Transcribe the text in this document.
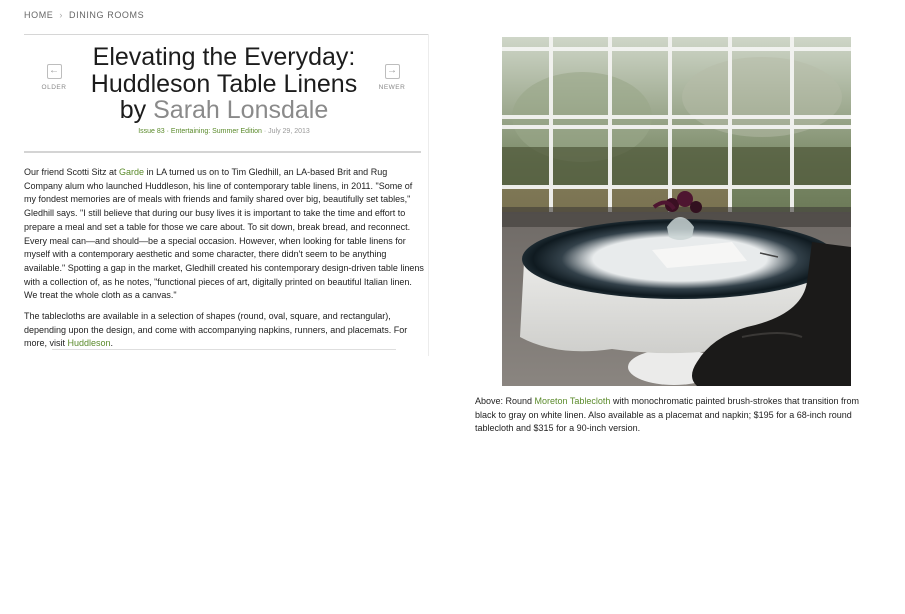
HOME › DINING ROOMS
←
OLDER
→
NEWER
Elevating the Everyday:
Huddleson Table Linens
by Sarah Lonsdale
Issue 83 · Entertaining: Summer Edition · July 29, 2013

Our friend Scotti Sitz at Garde in LA turned us on to Tim Gledhill, an LA-based Brit and Rug Company alum who launched Huddleson, his line of contemporary table linens, in 2011. "Some of my fondest memories are of meals with friends and family shared over big, beautifully set tables," Gledhill says. "I still believe that during our busy lives it is important to take the time and effort to prepare a meal and set a table for those we care about. To sit down, break bread, and reconnect. Every meal can—and should—be a special occasion. However, when looking for table linens for myself with a contemporary aesthetic and some character, there didn't seem to be anything available." Spotting a gap in the market, Gledhill created his contemporary design-driven table linens with a collection of, as he notes, "functional pieces of art, digitally printed on beautiful Italian linen. We treat the whole cloth as a canvas."

The tablecloths are available in a selection of shapes (round, oval, square, and rectangular), depending upon the design, and come with accompanying napkins, runners, and placemats. For more, visit Huddleson.

Above: Round Moreton Tablecloth with monochromatic painted brush-strokes that transition from black to gray on white linen. Also available as a placemat and napkin; $195 for a 68-inch round tablecloth and $315 for a 90-inch version.
